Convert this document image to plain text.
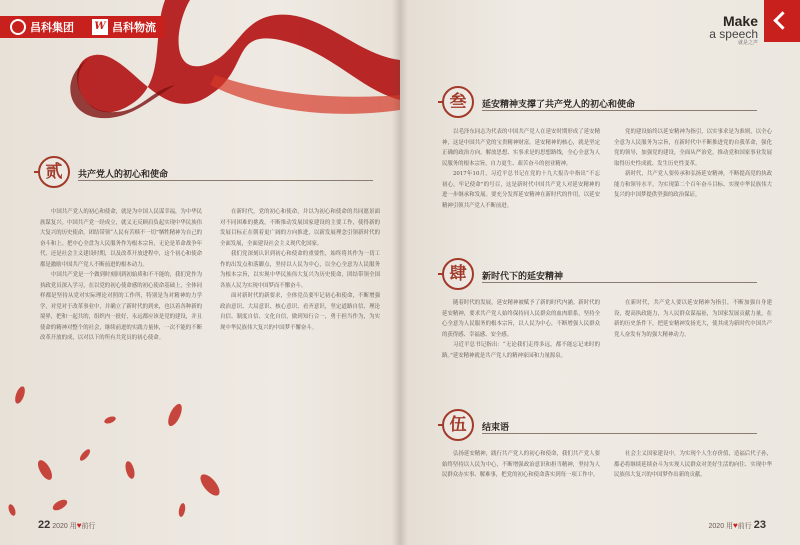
昌科集团 W 昌科物流
贰	共产党人的初心和使命

中国共产党人的初心和使命，就是为中国人民谋幸福，为中华民族谋复兴。中国共产党一经成立，就义无反顾肩负起实现中华民族伟大复兴的历史使命，团结带领“人民有苦赎不一切”牺牲精神为自己的奋斗和上。把中心全盘为人民服务作为根本宗旨，无论是革命战争年代，还是社会主义建设时期，以及改革开放进程中，这个初心和使命都是激励中国共产党人不断前进的根本动力。

中国共产党是一个做到时刻回到初始质和不不能的，我们党作为执政党员深入学习，在以党的初心使命感的初心使命基础上，全体同样都是坚持从党对实际理论对照的工作所，特别是为对精神的力学学，对党对于改革事业中，并确立了新时代的到来，也以着各种新的境界，把和一起共的，组织内一批好，永远都应该是党的建设，并且使命的精神对整个的社会，继续前进的实践力量体，一次不能的不断改革开放的成，以对以下的所有共党员的初心使命。

在新时代，党的初心和使命，并以为初心和使命的共同愿景面对不同困难的挑战，不断推动发展国家建设的主要工作，使得新的发展目标正在朝着更广阔的方向推进，以新发展理念引领新时代的全面发展，全面建设社会主义现代化国家。

我们党深刻认识到初心和使命的重要性，始终将其作为一切工作的出发点和落脚点，坚持以人民为中心，以全心全意为人民服务为根本宗旨，以实现中华民族伟大复兴为历史使命，团结带领全国各族人民为实现中国梦而不懈奋斗。

面对新时代的新要求，全体党员要牢记初心和使命，不断增强政治意识、大局意识、核心意识、看齐意识，坚定道路自信、理论自信、制度自信、文化自信，做到知行合一，勇于担当作为，为实现中华民族伟大复兴的中国梦不懈奋斗。

22 2020 用♥前行
Make
a speech
就是之声
叁	延安精神支撑了共产党人的初心和使命

以毛泽东同志为代表的中国共产党人在延安时期形成了延安精神，这是中国共产党的宝贵精神财富。延安精神的核心，就是坚定正确的政治方向，解放思想、实事求是的思想路线，全心全意为人民服务的根本宗旨，自力更生、艰苦奋斗的创业精神。

2017年10月，习近平总书记在党的十九大报告中指出“不忘初心，牢记使命”的号召，这是新时代中国共产党人对延安精神的进一步继承和发展。要充分发挥延安精神在新时代的作用，以延安精神引领共产党人不断前进。

党的建设始终以延安精神为指引，以实事求是为准则，以全心全意为人民服务为宗旨，在新时代中不断推进党的自我革命，强化党的领导，加强党的建设，全面从严治党，推动党和国家事业发展取得历史性成就、发生历史性变革。

新时代，共产党人要传承和弘扬延安精神，不断提高党的执政能力和领导水平，为实现第二个百年奋斗目标、实现中华民族伟大复兴的中国梦提供坚强的政治保证。

肆	新时代下的延安精神

随着时代的发展，延安精神被赋予了新的时代内涵。新时代的延安精神，要求共产党人始终保持同人民群众的血肉联系，坚持全心全意为人民服务的根本宗旨，以人民为中心，不断增强人民群众的获得感、幸福感、安全感。

习近平总书记指出：“无论我们走得多远，都不能忘记来时的路。”延安精神就是共产党人的精神家园和力量源泉。

在新时代，共产党人要以延安精神为指引，不断加强自身建设，提高执政能力，为人民群众谋福祉，为国家发展贡献力量，在新的历史条件下，把延安精神发扬光大，使其成为新时代中国共产党人奋发有为的强大精神动力。

伍	结束语

弘扬延安精神，践行共产党人的初心和使命，我们共产党人要始终坚持以人民为中心，不断增强政治意识和担当精神，坚持为人民群众办实事、解难事，把党的初心和使命落实到每一项工作中。

社会主义国家建设中，为实现个人生存价值，造福后代子孙，都必将继续延续奋斗为实现人民群众对美好生活的向往、实现中华民族伟大复兴的中国梦作出新的贡献。

2020 用♥前行 23
